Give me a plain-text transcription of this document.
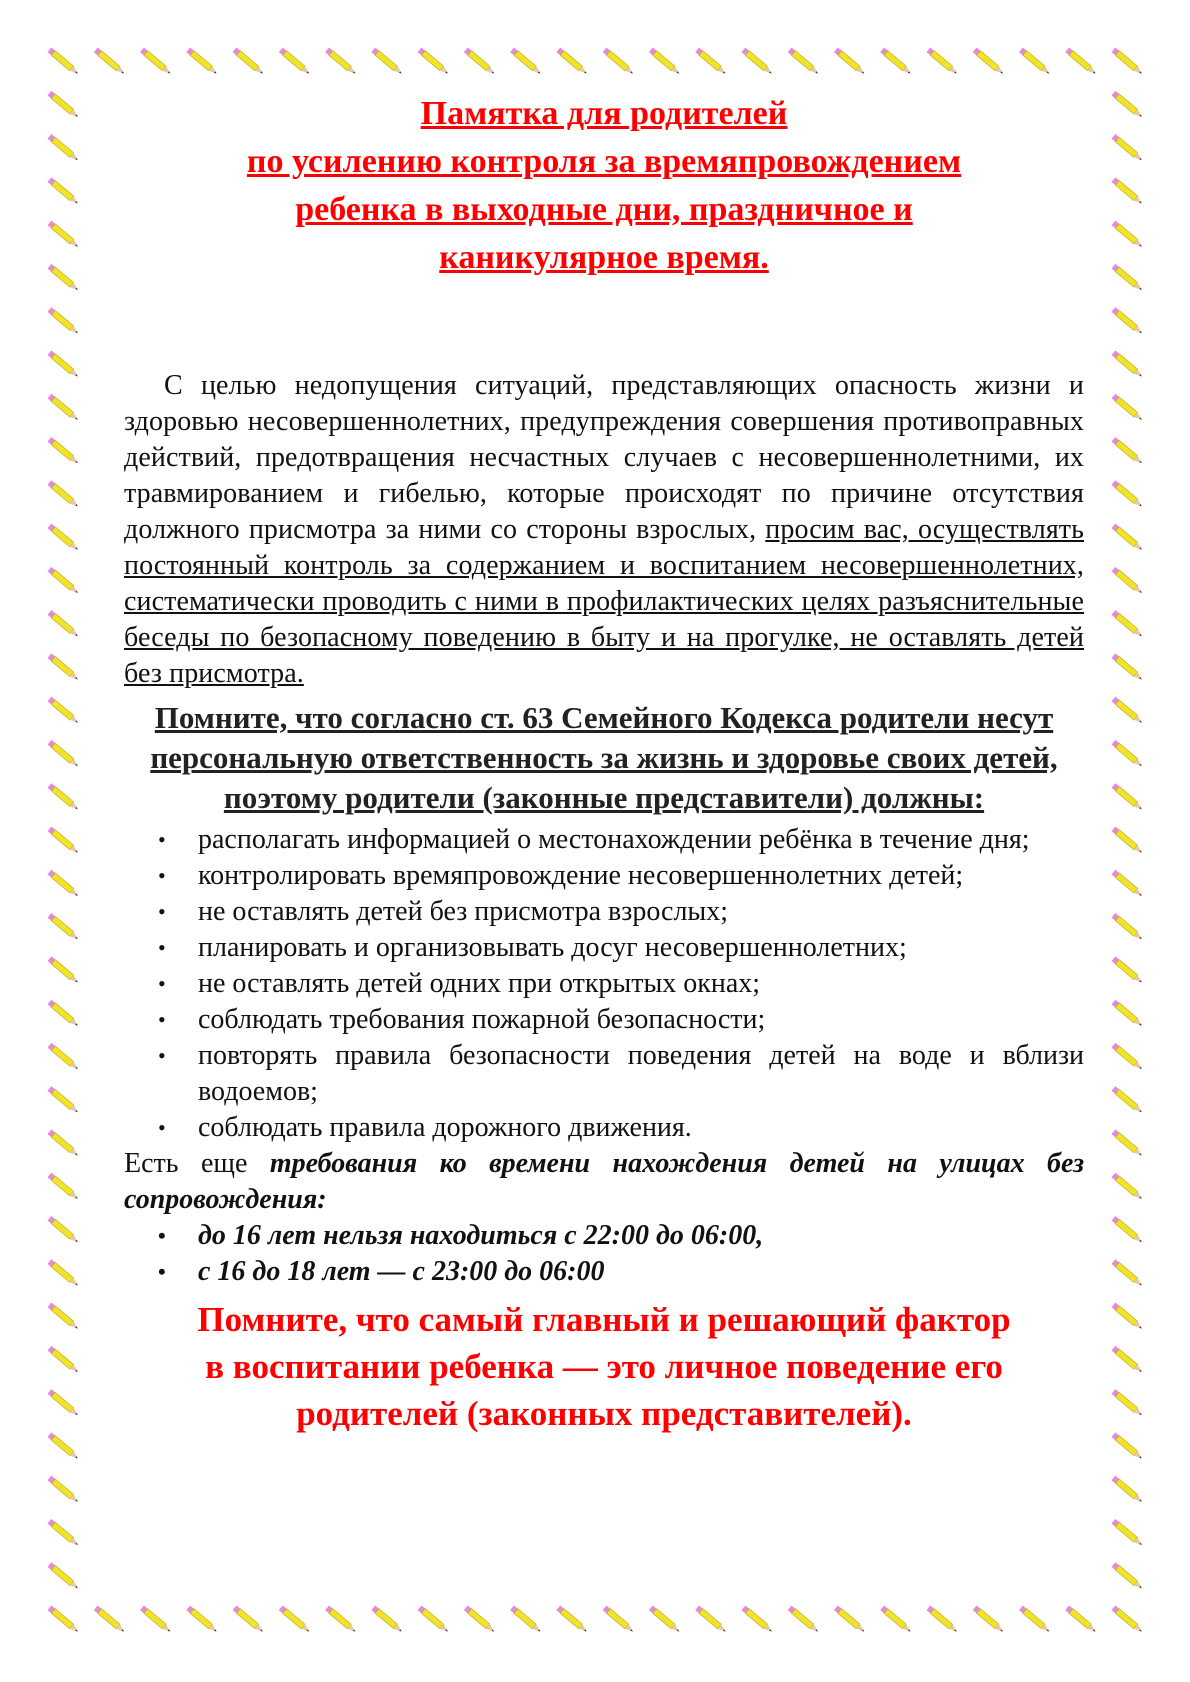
Памятка для родителей
по усилению контроля за времяпровождением
ребенка в выходные дни, праздничное и
каникулярное время.

С целью недопущения ситуаций, представляющих опасность жизни и здоровью несовершеннолетних, предупреждения совершения противоправных действий, предотвращения несчастных случаев с несовершеннолетними, их травмированием и гибелью, которые происходят по причине отсутствия должного присмотра за ними со стороны взрослых, просим вас, осуществлять постоянный контроль за содержанием и воспитанием несовершеннолетних, систематически проводить с ними в профилактических целях разъяснительные беседы по безопасному поведению в быту и на прогулке, не оставлять детей без присмотра.

Помните, что согласно ст. 63 Семейного Кодекса родители несут персональную ответственность за жизнь и здоровье своих детей, поэтому родители (законные представители) должны:

• располагать информацией о местонахождении ребёнка в течение дня;
• контролировать времяпровождение несовершеннолетних детей;
• не оставлять детей без присмотра взрослых;
• планировать и организовывать досуг несовершеннолетних;
• не оставлять детей одних при открытых окнах;
• соблюдать требования пожарной безопасности;
• повторять правила безопасности поведения детей на воде и вблизи водоемов;
• соблюдать правила дорожного движения.

Есть еще требования ко времени нахождения детей на улицах без сопровождения:

• до 16 лет нельзя находиться с 22:00 до 06:00,
• с 16 до 18 лет — с 23:00 до 06:00
Помните, что самый главный и решающий фактор
в воспитании ребенка — это личное поведение его
родителей (законных представителей).
